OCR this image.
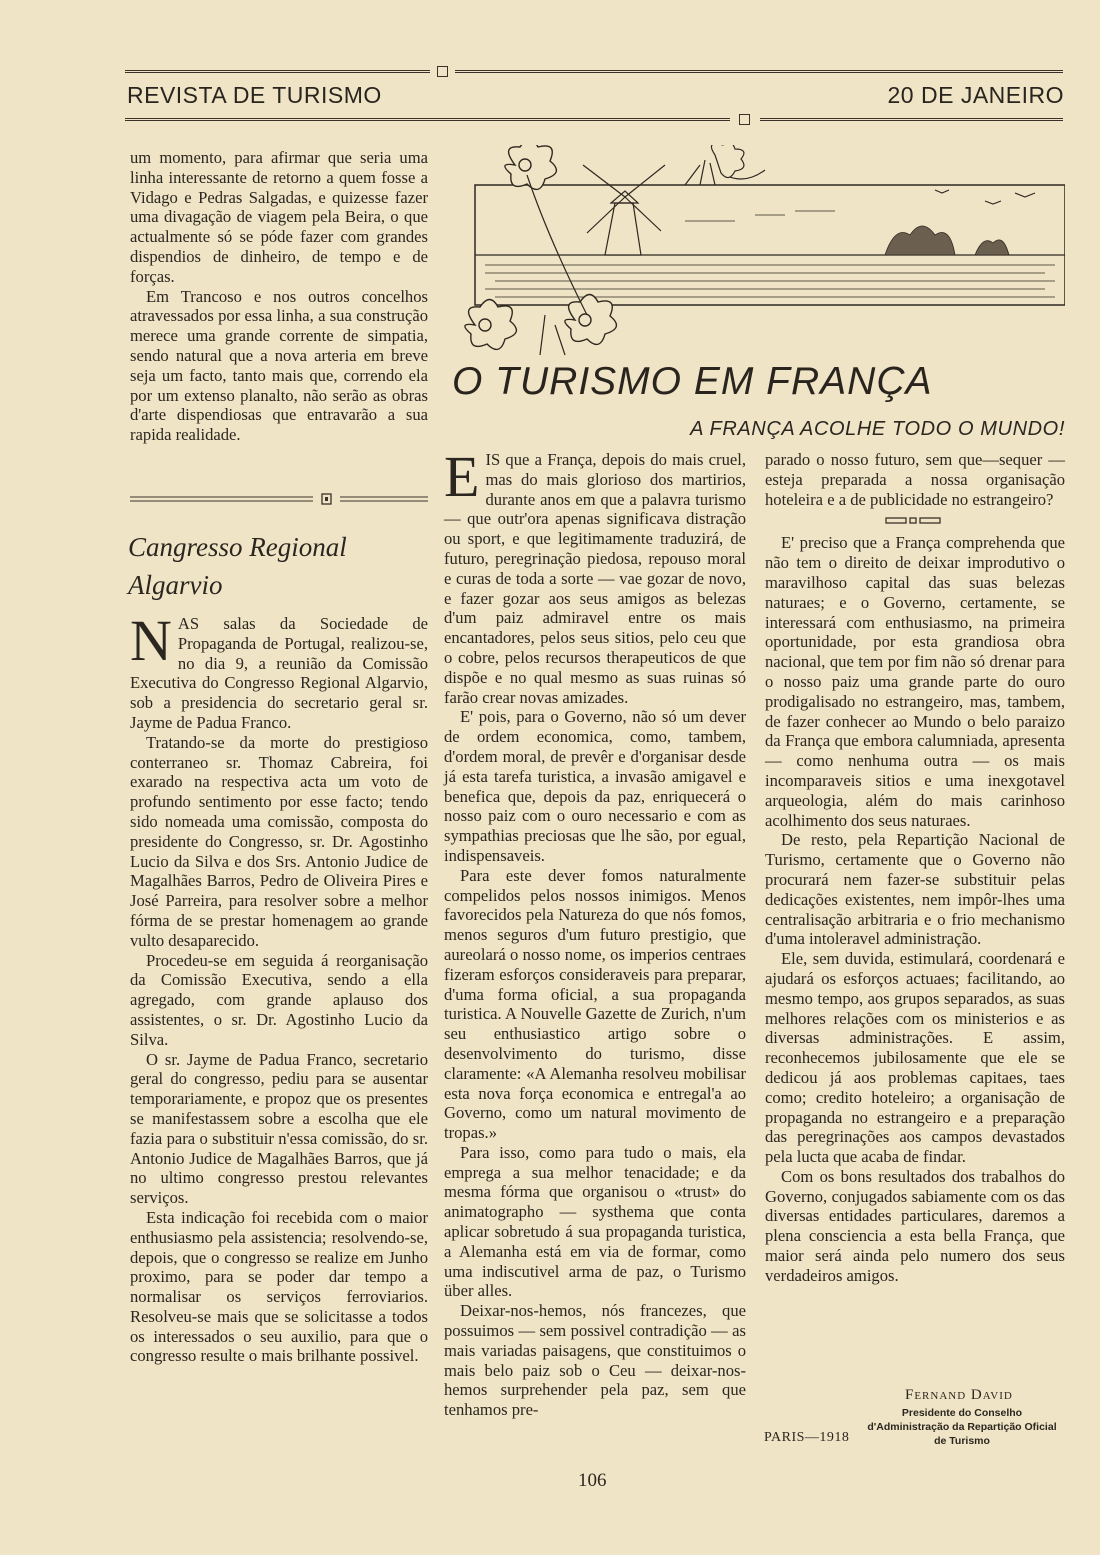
REVISTA DE TURISMO	20 DE JANEIRO

um momento, para afirmar que seria uma linha interessante de retorno a quem fosse a Vidago e Pedras Salgadas, e quizesse fazer uma divagação de viagem pela Beira, o que actualmente só se póde fazer com grandes dispendios de dinheiro, de tempo e de forças.

Em Trancoso e nos outros concelhos atravessados por essa linha, a sua construção merece uma grande corrente de simpatia, sendo natural que a nova arteria em breve seja um facto, tanto mais que, correndo ela por um extenso planalto, não serão as obras d'arte dispendiosas que entravarão a sua rapida realidade.

Cangresso Regional Algarvio

NAS salas da Sociedade de Propaganda de Portugal, realizou-se, no dia 9, a reunião da Comissão Executiva do Congresso Regional Algarvio, sob a presidencia do secretario geral sr. Jayme de Padua Franco.

Tratando-se da morte do prestigioso conterraneo sr. Thomaz Cabreira, foi exarado na respectiva acta um voto de profundo sentimento por esse facto; tendo sido nomeada uma comissão, composta do presidente do Congresso, sr. Dr. Agostinho Lucio da Silva e dos Srs. Antonio Judice de Magalhães Barros, Pedro de Oliveira Pires e José Parreira, para resolver sobre a melhor fórma de se prestar homenagem ao grande vulto desaparecido.

Procedeu-se em seguida á reorganisação da Comissão Executiva, sendo a ella agregado, com grande aplauso dos assistentes, o sr. Dr. Agostinho Lucio da Silva.

O sr. Jayme de Padua Franco, secretario geral do congresso, pediu para se ausentar temporariamente, e propoz que os presentes se manifestassem sobre a escolha que ele fazia para o substituir n'essa comissão, do sr. Antonio Judice de Magalhães Barros, que já no ultimo congresso prestou relevantes serviços.

Esta indicação foi recebida com o maior enthusiasmo pela assistencia; resolvendo-se, depois, que o congresso se realize em Junho proximo, para se poder dar tempo a normalisar os serviços ferroviarios. Resolveu-se mais que se solicitasse a todos os interessados o seu auxilio, para que o congresso resulte o mais brilhante possivel.

O TURISMO EM FRANÇA
A FRANÇA ACOLHE TODO O MUNDO!

EIS que a França, depois do mais cruel, mas do mais glorioso dos martirios, durante anos em que a palavra turismo — que outr'ora apenas significava distração ou sport, e que legitimamente traduzirá, de futuro, peregrinação piedosa, repouso moral e curas de toda a sorte — vae gozar de novo, e fazer gozar aos seus amigos as belezas d'um paiz admiravel entre os mais encantadores, pelos seus sitios, pelo ceu que o cobre, pelos recursos therapeuticos de que dispõe e no qual mesmo as suas ruinas só farão crear novas amizades.

E' pois, para o Governo, não só um dever de ordem economica, como, tambem, d'ordem moral, de prevêr e d'organisar desde já esta tarefa turistica, a invasão amigavel e benefica que, depois da paz, enriquecerá o nosso paiz com o ouro necessario e com as sympathias preciosas que lhe são, por egual, indispensaveis.

Para este dever fomos naturalmente compelidos pelos nossos inimigos. Menos favorecidos pela Natureza do que nós fomos, menos seguros d'um futuro prestigio, que aureolará o nosso nome, os imperios centraes fizeram esforços consideraveis para preparar, d'uma forma oficial, a sua propaganda turistica. A Nouvelle Gazette de Zurich, n'um seu enthusiastico artigo sobre o desenvolvimento do turismo, disse claramente: «A Alemanha resolveu mobilisar esta nova força economica e entregal'a ao Governo, como um natural movimento de tropas.»

Para isso, como para tudo o mais, ela emprega a sua melhor tenacidade; e da mesma fórma que organisou o «trust» do animatographo — systhema que conta aplicar sobretudo á sua propaganda turistica, a Alemanha está em via de formar, como uma indiscutivel arma de paz, o Turismo über alles.

Deixar-nos-hemos, nós francezes, que possuimos — sem possivel contradição — as mais variadas paisagens, que constituimos o mais belo paiz sob o Ceu — deixar-nos-hemos surprehender pela paz, sem que tenhamos pre-

parado o nosso futuro, sem que—sequer — esteja preparada a nossa organisação hoteleira e a de publicidade no estrangeiro?

E' preciso que a França comprehenda que não tem o direito de deixar improdutivo o maravilhoso capital das suas belezas naturaes; e o Governo, certamente, se interessará com enthusiasmo, na primeira oportunidade, por esta grandiosa obra nacional, que tem por fim não só drenar para o nosso paiz uma grande parte do ouro prodigalisado no estrangeiro, mas, tambem, de fazer conhecer ao Mundo o belo paraizo da França que embora calumniada, apresenta — como nenhuma outra — os mais incomparaveis sitios e uma inexgotavel arqueologia, além do mais carinhoso acolhimento dos seus naturaes.

De resto, pela Repartição Nacional de Turismo, certamente que o Governo não procurará nem fazer-se substituir pelas dedicações existentes, nem impôr-lhes uma centralisação arbitraria e o frio mechanismo d'uma intoleravel administração.

Ele, sem duvida, estimulará, coordenará e ajudará os esforços actuaes; facilitando, ao mesmo tempo, aos grupos separados, as suas melhores relações com os ministerios e as diversas administrações. E assim, reconhecemos jubilosamente que ele se dedicou já aos problemas capitaes, taes como; credito hoteleiro; a organisação de propaganda no estrangeiro e a preparação das peregrinações aos campos devastados pela lucta que acaba de findar.

Com os bons resultados dos trabalhos do Governo, conjugados sabiamente com os das diversas entidades particulares, daremos a plena consciencia a esta bella França, que maior será ainda pelo numero dos seus verdadeiros amigos.

Fernand David
Presidente do Conselho d'Administração da Repartição Oficial de Turismo
PARIS—1918
106
